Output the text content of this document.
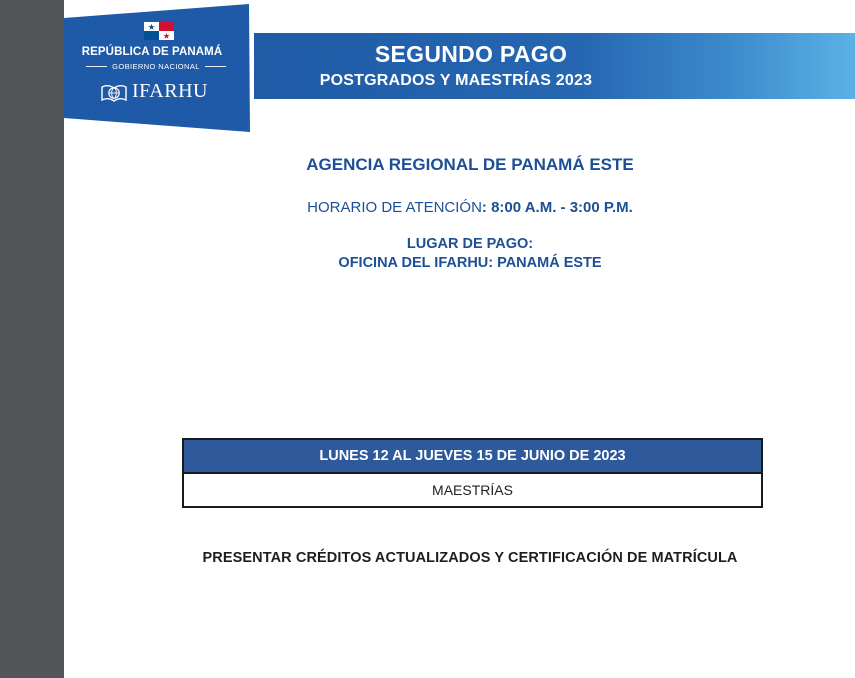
REPÚBLICA DE PANAMÁ
GOBIERNO NACIONAL
IFARHU
SEGUNDO PAGO
POSTGRADOS Y MAESTRÍAS 2023
AGENCIA REGIONAL DE PANAMÁ ESTE
HORARIO DE ATENCIÓN: 8:00 A.M. - 3:00 P.M.
LUGAR DE PAGO:
OFICINA DEL IFARHU: PANAMÁ ESTE
LUNES 12 AL JUEVES 15 DE JUNIO DE 2023
MAESTRÍAS
PRESENTAR CRÉDITOS ACTUALIZADOS Y CERTIFICACIÓN DE MATRÍCULA
